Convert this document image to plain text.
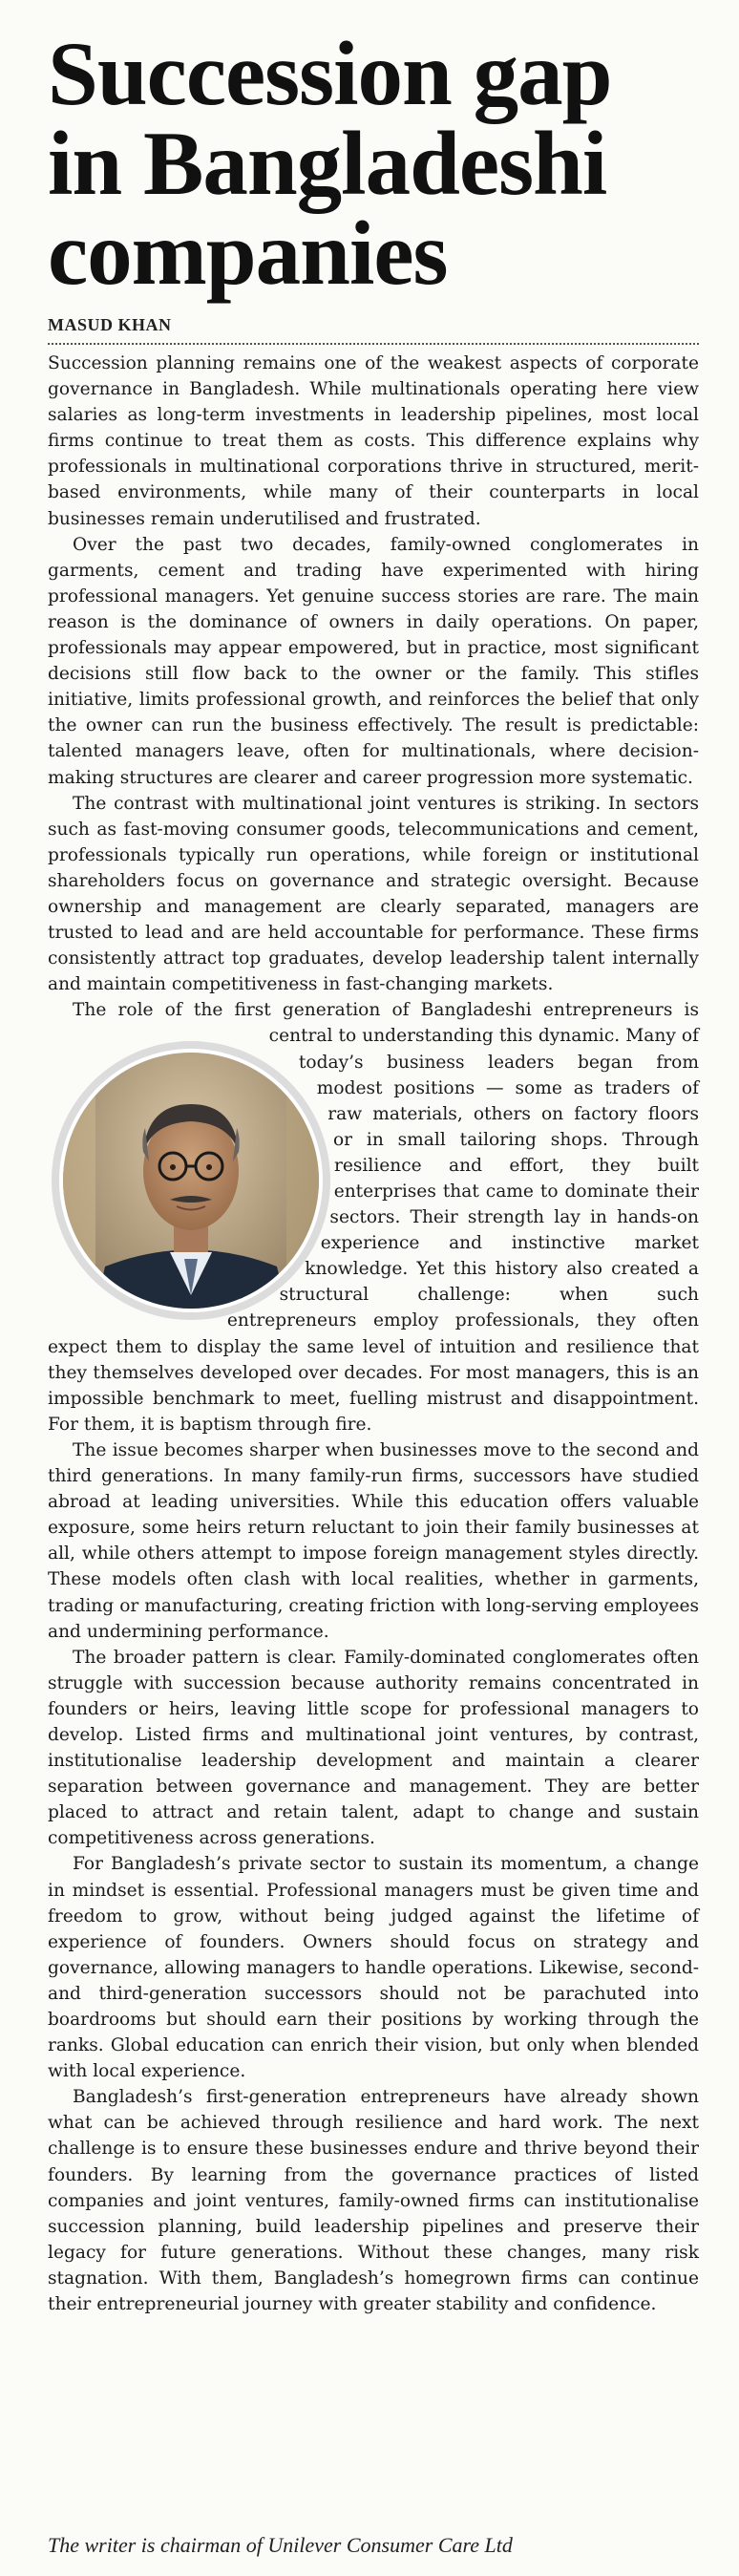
Succession gap
in Bangladeshi
companies
MASUD KHAN

Succession planning remains one of the weakest aspects of corporate governance in Bangladesh. While multinationals operating here view salaries as long-term investments in leadership pipelines, most local firms continue to treat them as costs. This difference explains why professionals in multinational corporations thrive in structured, merit-based environments, while many of their counterparts in local businesses remain underutilised and frustrated.

Over the past two decades, family-owned conglomerates in garments, cement and trading have experimented with hiring professional managers. Yet genuine success stories are rare. The main reason is the dominance of owners in daily operations. On paper, professionals may appear empowered, but in practice, most significant decisions still flow back to the owner or the family. This stifles initiative, limits professional growth, and reinforces the belief that only the owner can run the business effectively. The result is predictable: talented managers leave, often for multinationals, where decision-making structures are clearer and career progression more systematic.

The contrast with multinational joint ventures is striking. In sectors such as fast-moving consumer goods, telecommunications and cement, professionals typically run operations, while foreign or institutional shareholders focus on governance and strategic oversight. Because ownership and management are clearly separated, managers are trusted to lead and are held accountable for performance. These firms consistently attract top graduates, develop leadership talent internally and maintain competitiveness in fast-changing markets.

The role of the first generation of Bangladeshi entrepreneurs is central to understanding this dynamic. Many of today’s business leaders began from modest positions — some as traders of raw materials, others on factory floors or in small tailoring shops. Through resilience and effort, they built enterprises that came to dominate their sectors. Their strength lay in hands-on experience and instinctive market knowledge. Yet this history also created a structural challenge: when such entrepreneurs employ professionals, they often expect them to display the same level of intuition and resilience that they themselves developed over decades. For most managers, this is an impossible benchmark to meet, fuelling mistrust and disappointment. For them, it is baptism through fire.

The issue becomes sharper when businesses move to the second and third generations. In many family-run firms, successors have studied abroad at leading universities. While this education offers valuable exposure, some heirs return reluctant to join their family businesses at all, while others attempt to impose foreign management styles directly. These models often clash with local realities, whether in garments, trading or manufacturing, creating friction with long-serving employees and undermining performance.

The broader pattern is clear. Family-dominated conglomerates often struggle with succession because authority remains concentrated in founders or heirs, leaving little scope for professional managers to develop. Listed firms and multinational joint ventures, by contrast, institutionalise leadership development and maintain a clearer separation between governance and management. They are better placed to attract and retain talent, adapt to change and sustain competitiveness across generations.

For Bangladesh’s private sector to sustain its momentum, a change in mindset is essential. Professional managers must be given time and freedom to grow, without being judged against the lifetime of experience of founders. Owners should focus on strategy and governance, allowing managers to handle operations. Likewise, second- and third-generation successors should not be parachuted into boardrooms but should earn their positions by working through the ranks. Global education can enrich their vision, but only when blended with local experience.

Bangladesh’s first-generation entrepreneurs have already shown what can be achieved through resilience and hard work. The next challenge is to ensure these businesses endure and thrive beyond their founders. By learning from the governance practices of listed companies and joint ventures, family-owned firms can institutionalise succession planning, build leadership pipelines and preserve their legacy for future generations. Without these changes, many risk stagnation. With them, Bangladesh’s homegrown firms can continue their entrepreneurial journey with greater stability and confidence.

The writer is chairman of Unilever Consumer Care Ltd
